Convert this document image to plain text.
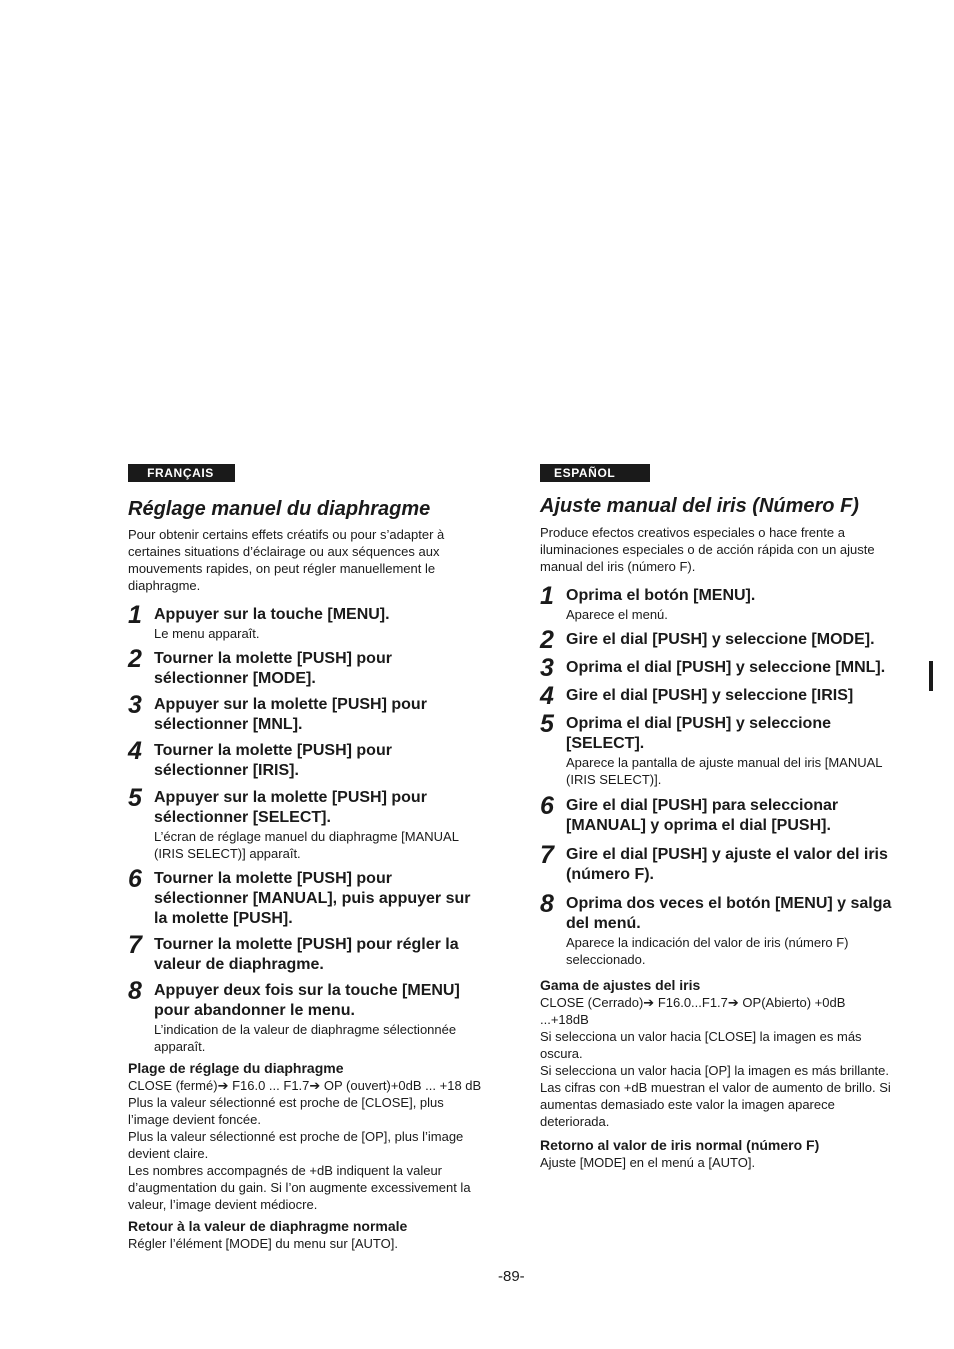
FRANÇAIS
Réglage manuel du diaphragme

Pour obtenir certains effets créatifs ou pour s’adapter à certaines situations d’éclairage ou aux séquences aux mouvements rapides, on peut régler manuellement le diaphragme.

1 Appuyer sur la touche [MENU].
Le menu apparaît.
2 Tourner la molette [PUSH] pour sélectionner [MODE].
3 Appuyer sur la molette [PUSH] pour sélectionner [MNL].
4 Tourner la molette [PUSH] pour sélectionner [IRIS].
5 Appuyer sur la molette [PUSH] pour sélectionner [SELECT].
L’écran de réglage manuel du diaphragme [MANUAL (IRIS SELECT)] apparaît.
6 Tourner la molette [PUSH] pour sélectionner [MANUAL], puis appuyer sur la molette [PUSH].
7 Tourner la molette [PUSH] pour régler la valeur de diaphragme.
8 Appuyer deux fois sur la touche [MENU] pour abandonner le menu.
L’indication de la valeur de diaphragme sélectionnée apparaît.
Plage de réglage du diaphragme
CLOSE (fermé)➔ F16.0 ... F1.7➔ OP (ouvert)+0dB ... +18 dB
Plus la valeur sélectionné est proche de [CLOSE], plus l’image devient foncée.
Plus la valeur sélectionné est proche de [OP], plus l’image devient claire.
Les nombres accompagnés de +dB indiquent la valeur d’augmentation du gain. Si l’on augmente excessivement la valeur, l’image devient médiocre.
Retour à la valeur de diaphragme normale
Régler l’élément [MODE] du menu sur [AUTO].
ESPAÑOL
Ajuste manual del iris (Número F)

Produce efectos creativos especiales o hace frente a iluminaciones especiales o de acción rápida con un ajuste manual del iris (número F).

1 Oprima el botón [MENU].
Aparece el menú.
2 Gire el dial [PUSH] y seleccione [MODE].
3 Oprima el dial [PUSH] y seleccione [MNL].
4 Gire el dial [PUSH] y seleccione [IRIS]
5 Oprima el dial [PUSH] y seleccione [SELECT].
Aparece la pantalla de ajuste manual del iris [MANUAL (IRIS SELECT)].
6 Gire el dial [PUSH] para seleccionar [MANUAL] y oprima el dial [PUSH].
7 Gire el dial [PUSH] y ajuste el valor del iris (número F).
8 Oprima dos veces el botón [MENU] y salga del menú.
Aparece la indicación del valor de iris (número F) seleccionado.
Gama de ajustes del iris
CLOSE (Cerrado)➔ F16.0...F1.7➔ OP(Abierto) +0dB ...+18dB
Si selecciona un valor hacia [CLOSE] la imagen es más oscura.
Si selecciona un valor hacia [OP] la imagen es más brillante.
Las cifras con +dB muestran el valor de aumento de brillo. Si aumentas demasiado este valor la imagen aparece deteriorada.
Retorno al valor de iris normal (número F)
Ajuste [MODE] en el menú a [AUTO].
-89-
